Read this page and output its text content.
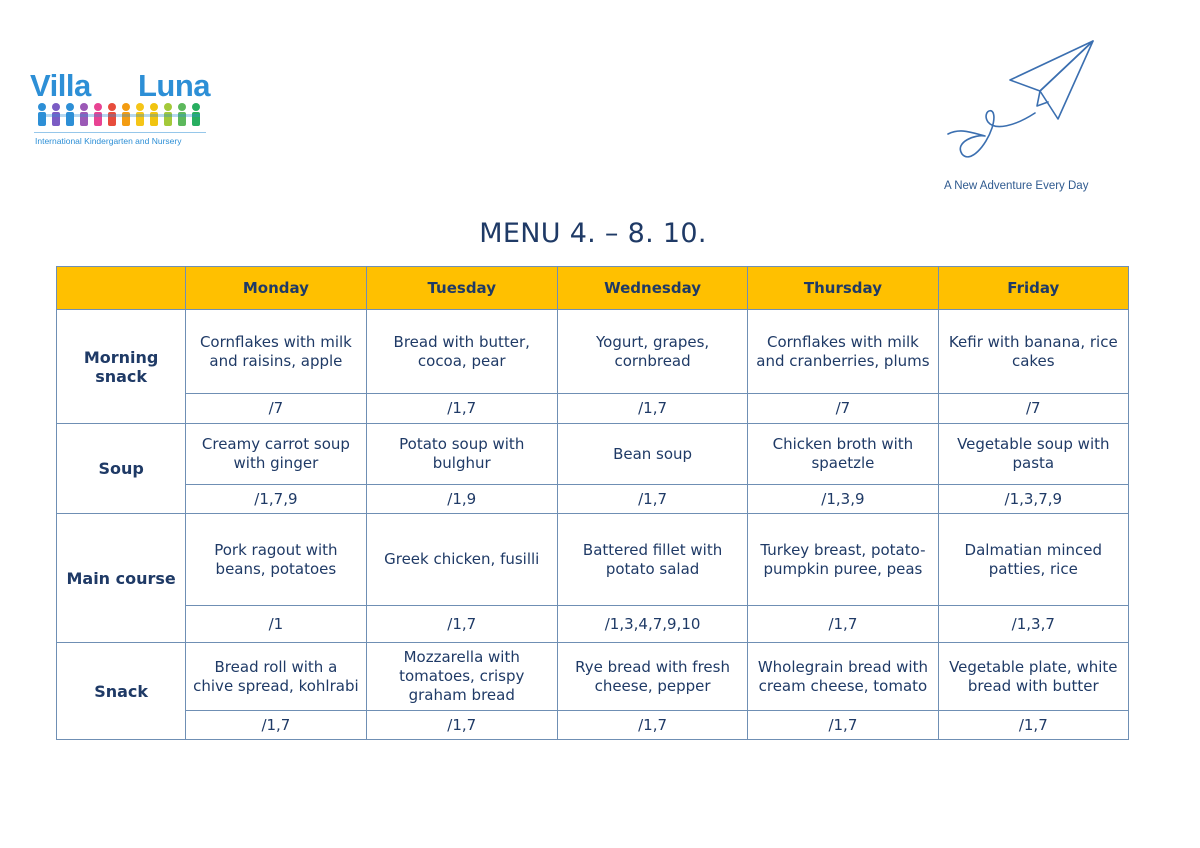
Villa Luna
International Kindergarten and Nursery
A New Adventure Every Day
MENU 4. – 8. 10.
	Monday	Tuesday	Wednesday	Thursday	Friday
Morning snack	Cornflakes with milk and raisins, apple	Bread with butter, cocoa, pear	Yogurt, grapes, cornbread	Cornflakes with milk and cranberries, plums	Kefir with banana, rice cakes
	/7	/1,7	/1,7	/7	/7
Soup	Creamy carrot soup with ginger	Potato soup with bulghur	Bean soup	Chicken broth with spaetzle	Vegetable soup with pasta
	/1,7,9	/1,9	/1,7	/1,3,9	/1,3,7,9
Main course	Pork ragout with beans, potatoes	Greek chicken, fusilli	Battered fillet with potato salad	Turkey breast, potato-pumpkin puree, peas	Dalmatian minced patties, rice
	/1	/1,7	/1,3,4,7,9,10	/1,7	/1,3,7
Snack	Bread roll with a chive spread, kohlrabi	Mozzarella with tomatoes, crispy graham bread	Rye bread with fresh cheese, pepper	Wholegrain bread with cream cheese, tomato	Vegetable plate, white bread with butter
	/1,7	/1,7	/1,7	/1,7	/1,7
